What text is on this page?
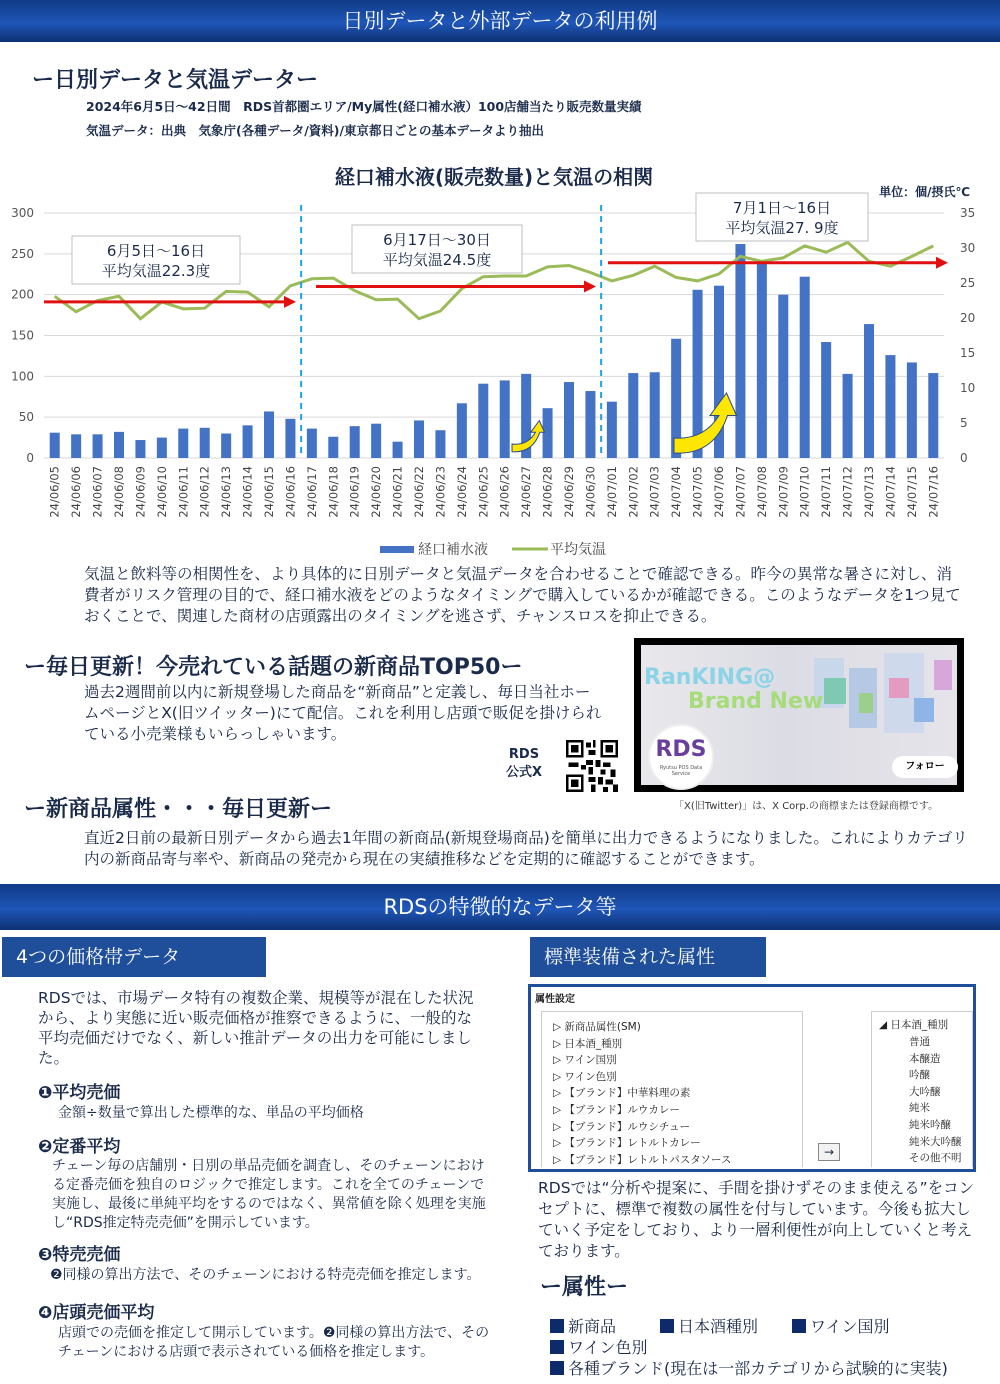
日別データと外部データの利用例
ー日別データと気温データー
2024年6月5日～42日間　RDS首都圏エリア/My属性(経口補水液）100店舗当たり販売数量実績
気温データ：出典　気象庁(各種データ/資料)/東京都日ごとの基本データより抽出
経口補水液(販売数量)と気温の相関
単位：個/摂氏℃
0
50
100
150
200
250
300
0
5
10
15
20
25
30
35
24/06/05 24/06/06 24/06/07 24/06/08 24/06/09 24/06/10 24/06/11 24/06/12 24/06/13 24/06/14 24/06/15 24/06/16 24/06/17 24/06/18 24/06/19 24/06/20 24/06/21 24/06/22 24/06/23 24/06/24 24/06/25 24/06/26 24/06/27 24/06/28 24/06/29 24/06/30 24/07/01 24/07/02 24/07/03 24/07/04 24/07/05 24/07/06 24/07/07 24/07/08 24/07/09 24/07/10 24/07/11 24/07/12 24/07/13 24/07/14 24/07/15 24/07/16
6月5日～16日
平均気温22.3度
6月17日～30日
平均気温24.5度
7月1日～16日
平均気温27. 9度
経口補水液	平均気温
気温と飲料等の相関性を、より具体的に日別データと気温データを合わせることで確認できる。昨今の異常な暑さに対し、消費者がリスク管理の目的で、経口補水液をどのようなタイミングで購入しているかが確認できる。このようなデータを1つ見ておくことで、関連した商材の店頭露出のタイミングを逃さず、チャンスロスを抑止できる。
ー毎日更新！今売れている話題の新商品TOP50ー
過去2週間前以内に新規登場した商品を“新商品”と定義し、毎日当社ホームページとX(旧ツイッター)にて配信。これを利用し店頭で販促を掛けられている小売業様もいらっしゃいます。
RDS
公式X
RanKING@
Brand New
RDS
Ryutsu POS Data Service
フォロー
「X(旧Twitter)」は、X Corp.の商標または登録商標です。
ー新商品属性・・・毎日更新ー
直近2日前の最新日別データから過去1年間の新商品(新規登場商品)を簡単に出力できるようになりました。これによりカテゴリ内の新商品寄与率や、新商品の発売から現在の実績推移などを定期的に確認することができます。
RDSの特徴的なデータ等
4つの価格帯データ
RDSでは、市場データ特有の複数企業、規模等が混在した状況から、より実態に近い販売価格が推察できるように、一般的な平均売価だけでなく、新しい推計データの出力を可能にしました。
❶平均売価
金額÷数量で算出した標準的な、単品の平均価格
❷定番平均
チェーン毎の店舗別・日別の単品売価を調査し、そのチェーンにおける定番売価を独自のロジックで推定します。これを全てのチェーンで実施し、最後に単純平均をするのではなく、異常値を除く処理を実施し“RDS推定特売売価”を開示しています。
❸特売売価
❷同様の算出方法で、そのチェーンにおける特売売価を推定します。
❹店頭売価平均
店頭での売価を推定して開示しています。❷同様の算出方法で、そのチェーンにおける店頭で表示されている価格を推定します。
標準装備された属性
属性設定
▷ 新商品属性(SM)
▷ 日本酒_種別
▷ ワイン国別
▷ ワイン色別
▷ 【ブランド】中華料理の素
▷ 【ブランド】ルウカレー
▷ 【ブランド】ルウシチュー
▷ 【ブランド】レトルトカレー
▷ 【ブランド】レトルトパスタソース
◢ 日本酒_種別
普通
本醸造
吟醸
大吟醸
純米
純米吟醸
純米大吟醸
その他不明
→
RDSでは“分析や提案に、手間を掛けずそのまま使える”をコンセプトに、標準で複数の属性を付与しています。今後も拡大していく予定をしており、より一層利便性が向上していくと考えております。
ー属性ー
新商品	日本酒種別	ワイン国別
ワイン色別
各種ブランド(現在は一部カテゴリから試験的に実装)
